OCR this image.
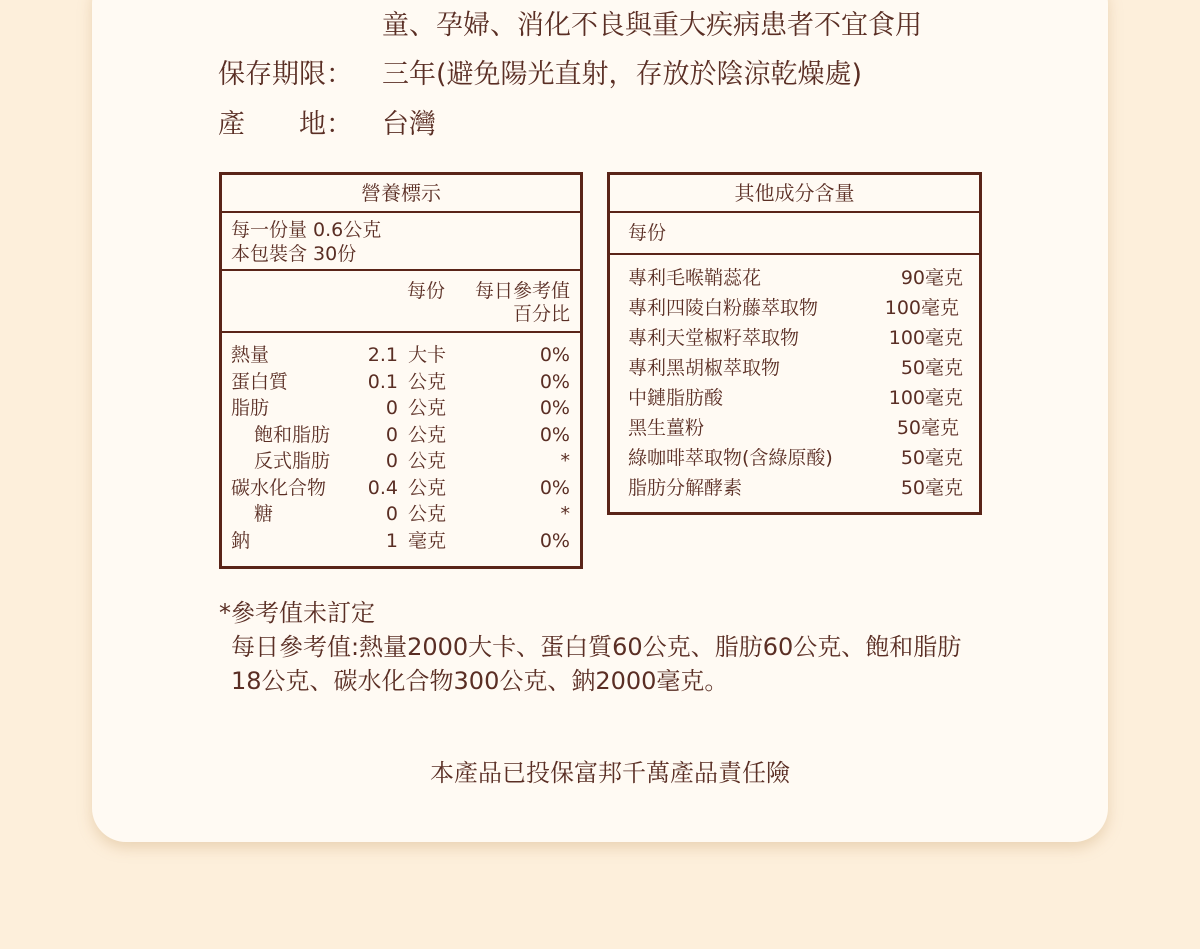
童、孕婦、消化不良與重大疾病患者不宜食用
保存期限： 三年(避免陽光直射，存放於陰涼乾燥處)
產　　地： 台灣
營養標示
每一份量 0.6公克
本包裝含 30份
每份 每日參考值
百分比
熱量	2.1 大卡	0%
蛋白質	0.1 公克	0%
脂肪	0 公克	0%
飽和脂肪	0 公克	0%
反式脂肪	0 公克	*
碳水化合物 0.4 公克	0%
糖	0 公克	*
鈉	1 毫克	0%
其他成分含量
每份
專利毛喉鞘蕊花	90毫克
專利四陵白粉藤萃取物	100毫克
專利天堂椒籽萃取物	100毫克
專利黑胡椒萃取物	50毫克
中鏈脂肪酸	100毫克
黑生薑粉	50毫克
綠咖啡萃取物(含綠原酸)	50毫克
脂肪分解酵素	50毫克
*參考值未訂定
每日參考值:熱量2000大卡、蛋白質60公克、脂肪60公克、飽和脂肪
18公克、碳水化合物300公克、鈉2000毫克。
本產品已投保富邦千萬產品責任險
